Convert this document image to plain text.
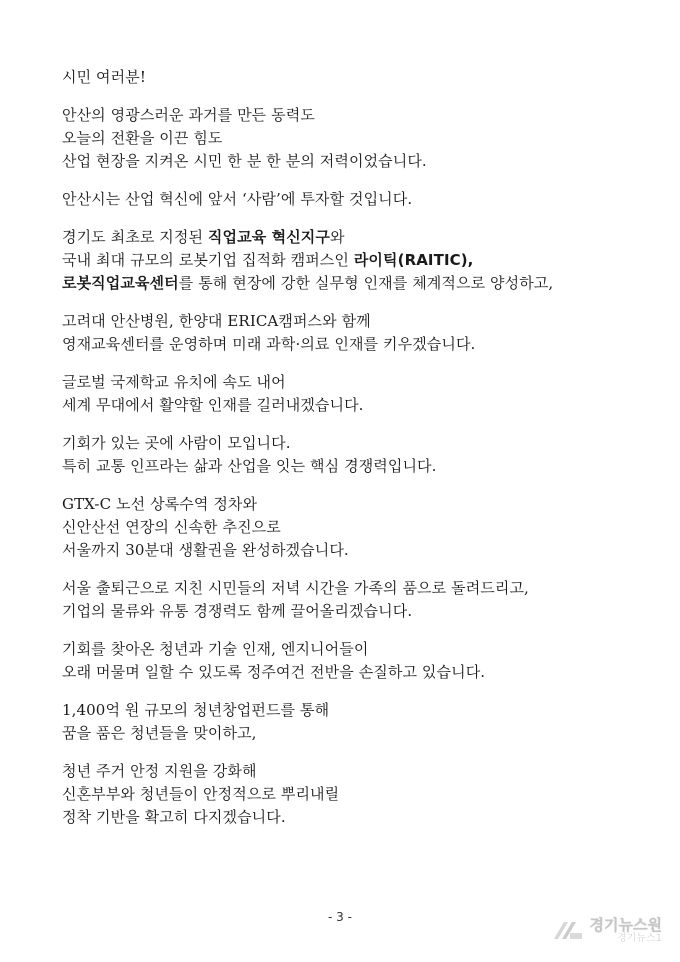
시민 여러분!
안산의 영광스러운 과거를 만든 동력도
오늘의 전환을 이끈 힘도
산업 현장을 지켜온 시민 한 분 한 분의 저력이었습니다.
안산시는 산업 혁신에 앞서 ‘사람’에 투자할 것입니다.
경기도 최초로 지정된 직업교육 혁신지구와
국내 최대 규모의 로봇기업 집적화 캠퍼스인 라이틱(RAITIC),
로봇직업교육센터를 통해 현장에 강한 실무형 인재를 체계적으로 양성하고,
고려대 안산병원, 한양대 ERICA캠퍼스와 함께
영재교육센터를 운영하며 미래 과학·의료 인재를 키우겠습니다.
글로벌 국제학교 유치에 속도 내어
세계 무대에서 활약할 인재를 길러내겠습니다.
기회가 있는 곳에 사람이 모입니다.
특히 교통 인프라는 삶과 산업을 잇는 핵심 경쟁력입니다.
GTX-C 노선 상록수역 정차와
신안산선 연장의 신속한 추진으로
서울까지 30분대 생활권을 완성하겠습니다.
서울 출퇴근으로 지친 시민들의 저녁 시간을 가족의 품으로 돌려드리고,
기업의 물류와 유통 경쟁력도 함께 끌어올리겠습니다.
기회를 찾아온 청년과 기술 인재, 엔지니어들이
오래 머물며 일할 수 있도록 정주여건 전반을 손질하고 있습니다.
1,400억 원 규모의 청년창업펀드를 통해
꿈을 품은 청년들을 맞이하고,
청년 주거 안정 지원을 강화해
신혼부부와 청년들이 안정적으로 뿌리내릴
정착 기반을 확고히 다지겠습니다.
- 3 -	경기뉴스원
경기뉴스1
